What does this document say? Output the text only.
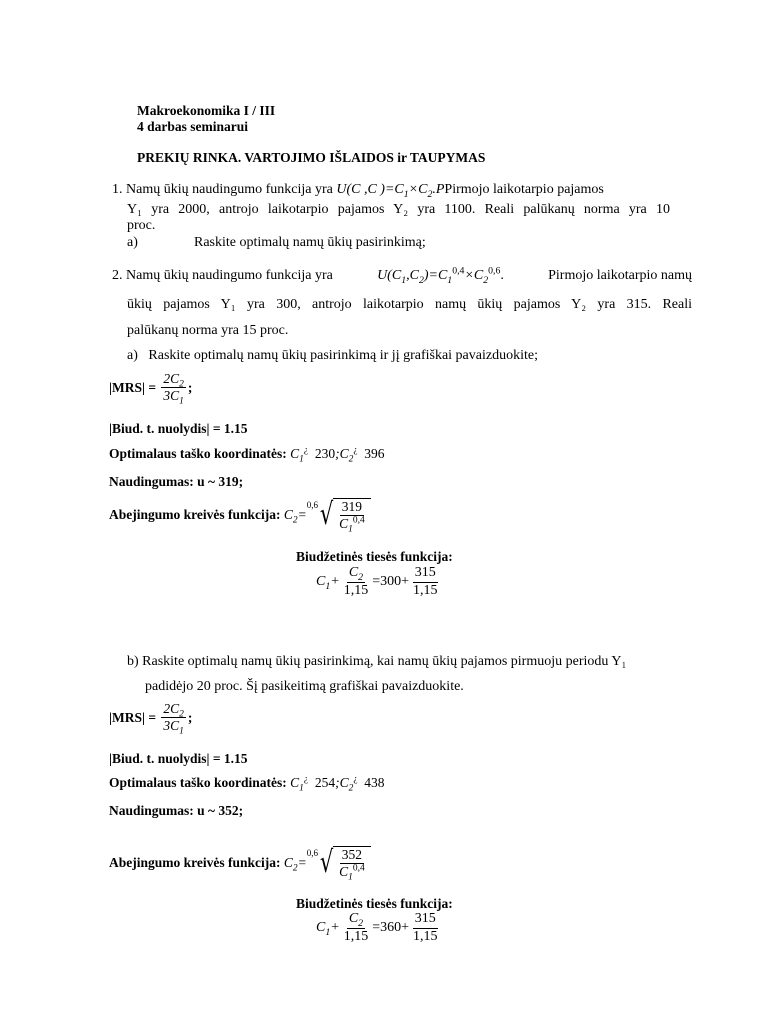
Makroekonomika I / III
4 darbas seminarui
PREKIŲ RINKA. VARTOJIMO IŠLAIDOS ir TAUPYMAS
1. Namų ūkių naudingumo funkcija yra U(C ,C )$=C_1\times C_2.PPirmojo$ laikotarpio pajamos
Y₁ yra 2000, antrojo laikotarpio pajamos Y₂ yra 1100. Reali palūkanų norma yra 10
proc.
a)	Raskite optimalų namų ūkių pasirinkimą;
2. Namų ūkių naudingumo funkcija yra	$U(C_1,C_2)=C_1^{0,4}\times C_2^{0,6}$.	Pirmojo laikotarpio namų
ūkių pajamos Y₁ yra 300, antrojo laikotarpio namų ūkių pajamos Y₂ yra 315. Reali
palūkanų norma yra 15 proc.
a) Raskite optimalų namų ūkių pasirinkimą ir jį grafiškai pavaizduokite;
|MRS| =
$\frac{2C_2}{3C_1}$ ;
|Biud. t. nuolydis| = 1.15
Optimalaus taško koordinatės: $C_1^¿$ $230;C_2^¿$ 396
Naudingumas: u ~ 319;
Abejingumo kreivės funkcija:
$C_2=$
0,6 √ $\frac{319}{C_1^{0,4}}$
Biudžetinės tiesės funkcija:
$C_1+ \frac{C_2}{1,15} = 300 + \frac{315}{1,15}$
b) Raskite optimalų namų ūkių pasirinkimą, kai namų ūkių pajamos pirmuoju periodu Y₁
padidėjo 20 proc. Šį pasikeitimą grafiškai pavaizduokite.
|MRS| =
$\frac{2C_2}{3C_1}$ ;
|Biud. t. nuolydis| = 1.15
Optimalaus taško koordinatės: $C_1^¿$ $254;C_2^¿$ 438
Naudingumas: u ~ 352;
Abejingumo kreivės funkcija:
$C_2=$
0,6 √ $\frac{352}{C_1^{0,4}}$
Biudžetinės tiesės funkcija:
$C_1+ \frac{C_2}{1,15} = 360 + \frac{315}{1,15}$
